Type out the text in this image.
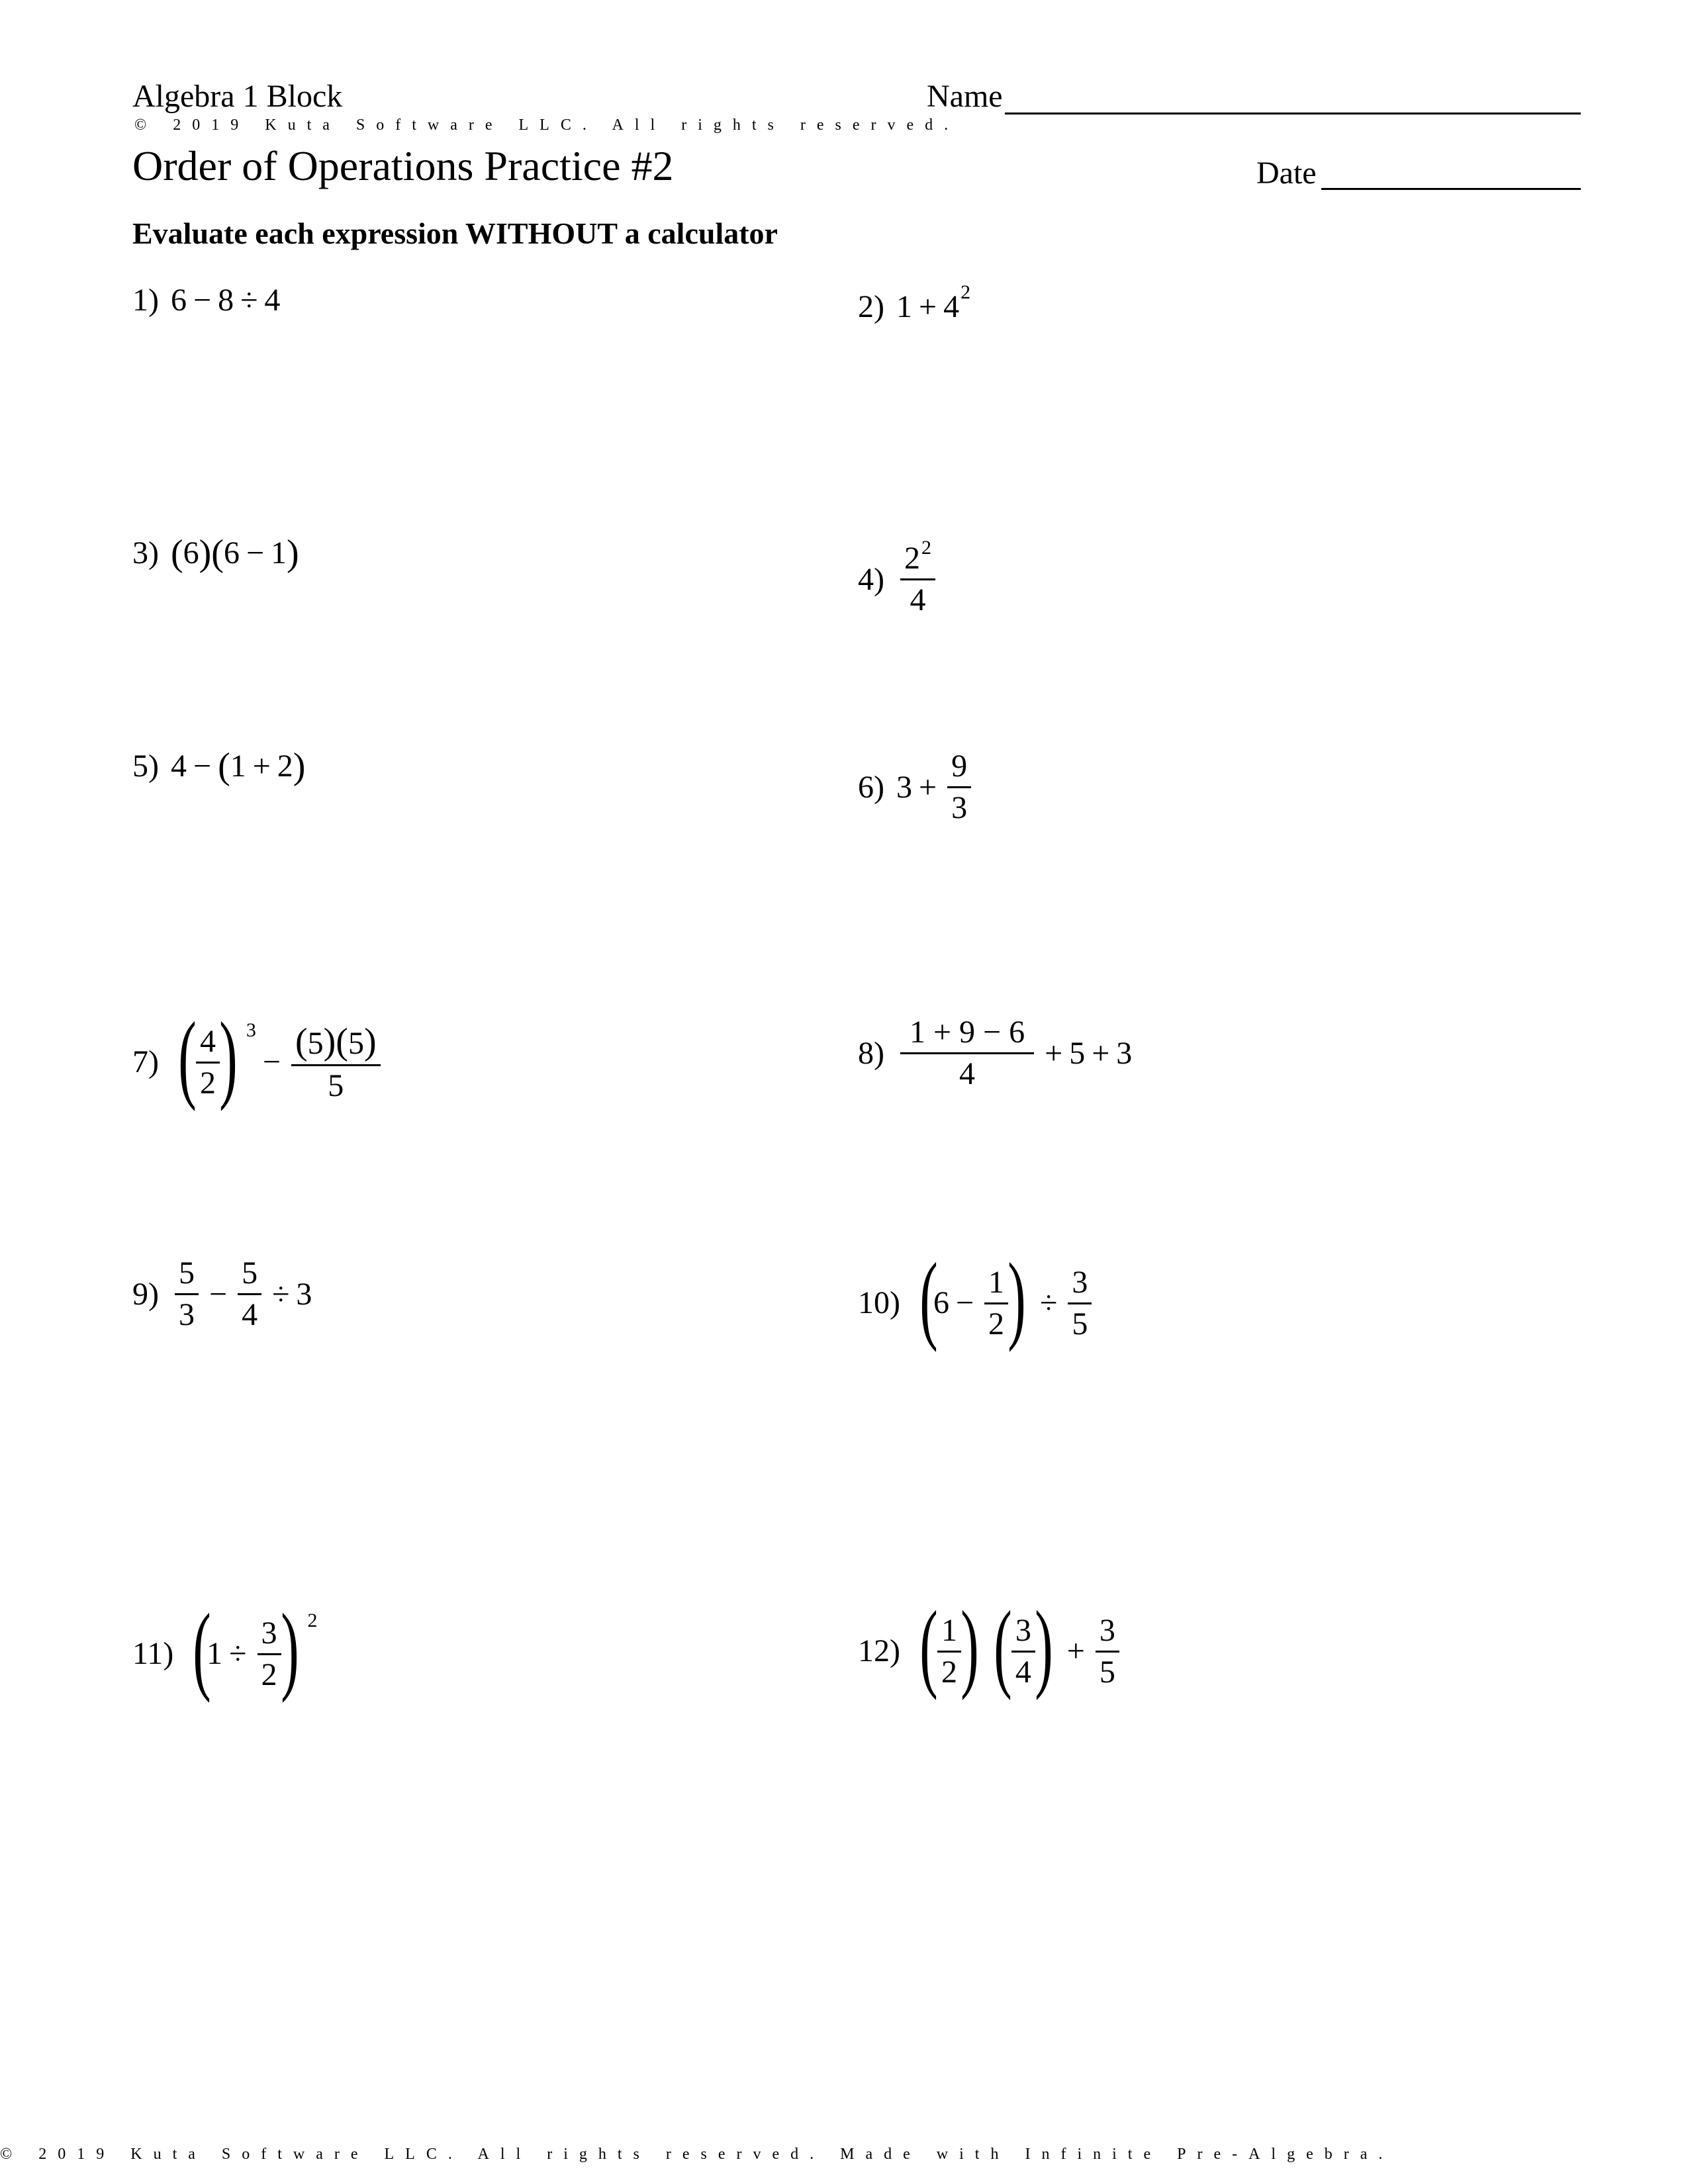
Algebra 1 Block	Name
© 2019 Kuta Software LLC. All rights reserved.
Order of Operations Practice #2	Date
Evaluate each expression WITHOUT a calculator
1) 6 − 8 ÷ 4	2) 1 + 4 2
3) ( 6 ) ( 6 − 1 )
$4) \frac{2^2}{4}$
5) 4 − ( 1 + 2 )	6) $3 + \frac{9}{3}$
7) ( $\frac{4}{2}$ ) 3
− $\frac{(5)(5)}{5}$	$8) \frac{1 + 9 - 6}{4} + 5 + 3$
$9) \frac{5}{3} - \frac{5}{4} \div 3$	10) (
$6 - \frac{1}{2}$ ) ÷ $\frac{3}{5}$
11) (
$1 \div \frac{3}{2}$ ) 2
12) ( $\frac{1}{2}$ ) ( $\frac{3}{4}$ ) + $\frac{3}{5}$
© 2019 Kuta Software LLC. All rights reserved. Made with Infinite Pre-Algebra.
